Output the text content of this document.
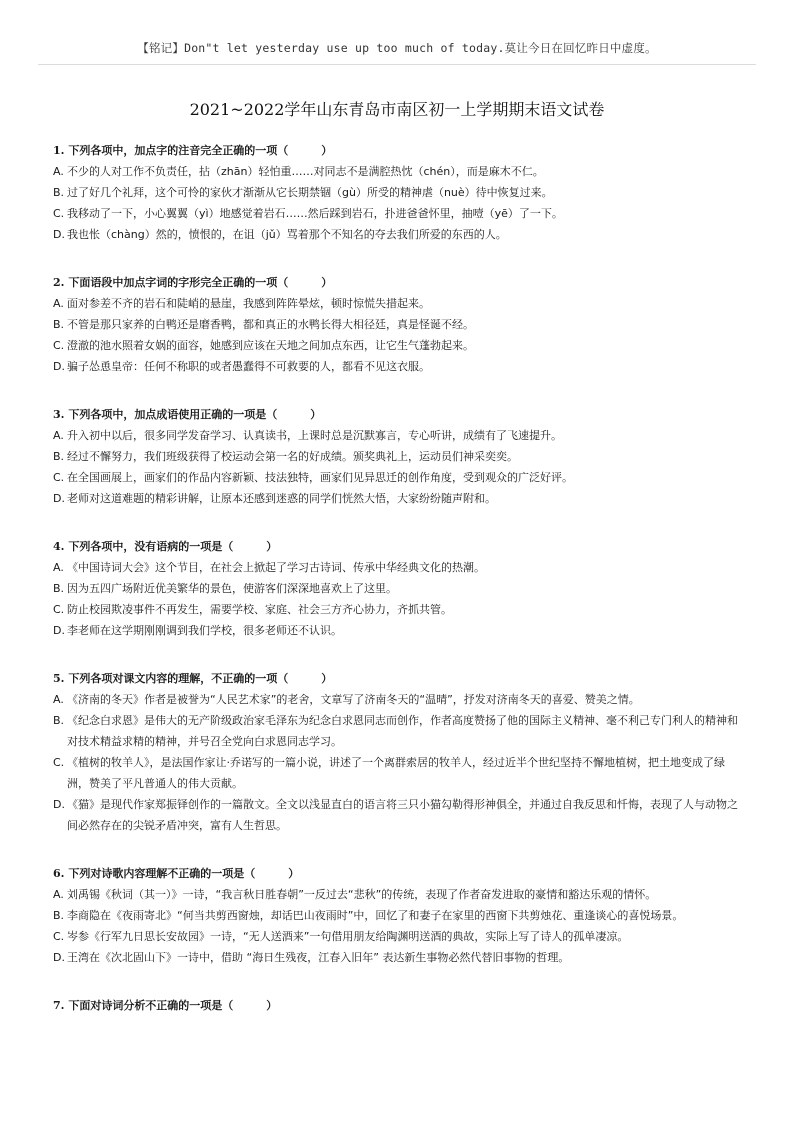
【铭记】Don"t let yesterday use up too much of today.莫让今日在回忆昨日中虚度。
2021~2022学年山东青岛市南区初一上学期期末语文试卷
1. 下列各项中，加点字的注音完全正确的一项（　　　）
A. 不少的人对工作不负责任，拈（zhān）轻怕重……对同志不是满腔热忱（chén），而是麻木不仁。
B. 过了好几个礼拜，这个可怜的家伙才渐渐从它长期禁锢（gù）所受的精神虐（nuè）待中恢复过来。
C. 我移动了一下，小心翼翼（yì）地感觉着岩石……然后踩到岩石，扑进爸爸怀里，抽噎（yē）了一下。
D. 我也怅（chàng）然的，愤恨的，在诅（jǔ）骂着那个不知名的夺去我们所爱的东西的人。
2. 下面语段中加点字词的字形完全正确的一项（　　　）
A. 面对参差不齐的岩石和陡峭的悬崖，我感到阵阵晕炫，顿时惊慌失措起来。
B. 不管是那只家养的白鸭还是磨香鸭，都和真正的水鸭长得大相径廷，真是怪诞不经。
C. 澄澈的池水照着女娲的面容，她感到应该在天地之间加点东西，让它生气蓬勃起来。
D. 骗子怂恿皇帝：任何不称职的或者愚蠢得不可救要的人，都看不见这衣服。
3. 下列各项中，加点成语使用正确的一项是（　　　）
A. 升入初中以后，很多同学发奋学习、认真读书，上课时总是沉默寡言，专心听讲，成绩有了飞速提升。
B. 经过不懈努力，我们班级获得了校运动会第一名的好成绩。颁奖典礼上，运动员们神采奕奕。
C. 在全国画展上，画家们的作品内容新颖、技法独特，画家们见异思迁的创作角度，受到观众的广泛好评。
D. 老师对这道难题的精彩讲解，让原本还感到迷惑的同学们恍然大悟，大家纷纷随声附和。
4. 下列各项中，没有语病的一项是（　　　）
A. 《中国诗词大会》这个节目，在社会上掀起了学习古诗词、传承中华经典文化的热潮。
B. 因为五四广场附近优美繁华的景色，使游客们深深地喜欢上了这里。
C. 防止校园欺凌事件不再发生，需要学校、家庭、社会三方齐心协力，齐抓共管。
D. 李老师在这学期刚刚调到我们学校，很多老师还不认识。
5. 下列各项对课文内容的理解，不正确的一项（　　　）
A. 《济南的冬天》作者是被誉为“人民艺术家”的老舍，文章写了济南冬天的“温晴”，抒发对济南冬天的喜爱、赞美之情。
B. 《纪念白求恩》是伟大的无产阶级政治家毛泽东为纪念白求恩同志而创作，作者高度赞扬了他的国际主义精神、毫不利己专门利人的精神和对技术精益求精的精神，并号召全党向白求恩同志学习。
C. 《植树的牧羊人》，是法国作家让·乔诺写的一篇小说，讲述了一个离群索居的牧羊人，经过近半个世纪坚持不懈地植树，把土地变成了绿洲，赞美了平凡普通人的伟大贡献。
D. 《猫》是现代作家郑振铎创作的一篇散文。全文以浅显直白的语言将三只小猫勾勒得形神俱全，并通过自我反思和忏悔，表现了人与动物之间必然存在的尖锐矛盾冲突，富有人生哲思。
6. 下列对诗歌内容理解不正确的一项是（　　　）
A. 刘禹锡《秋词（其一）》一诗，“我言秋日胜春朝”一反过去“悲秋”的传统，表现了作者奋发进取的豪情和豁达乐观的情怀。
B. 李商隐在《夜雨寄北》“何当共剪西窗烛，却话巴山夜雨时”中，回忆了和妻子在家里的西窗下共剪烛花、重逢谈心的喜悦场景。
C. 岑参《行军九日思长安故园》一诗，“无人送酒来”一句借用朋友给陶渊明送酒的典故，实际上写了诗人的孤单凄凉。
D. 王湾在《次北固山下》一诗中，借助 “海日生残夜，江春入旧年” 表达新生事物必然代替旧事物的哲理。
7. 下面对诗词分析不正确的一项是（　　　）
